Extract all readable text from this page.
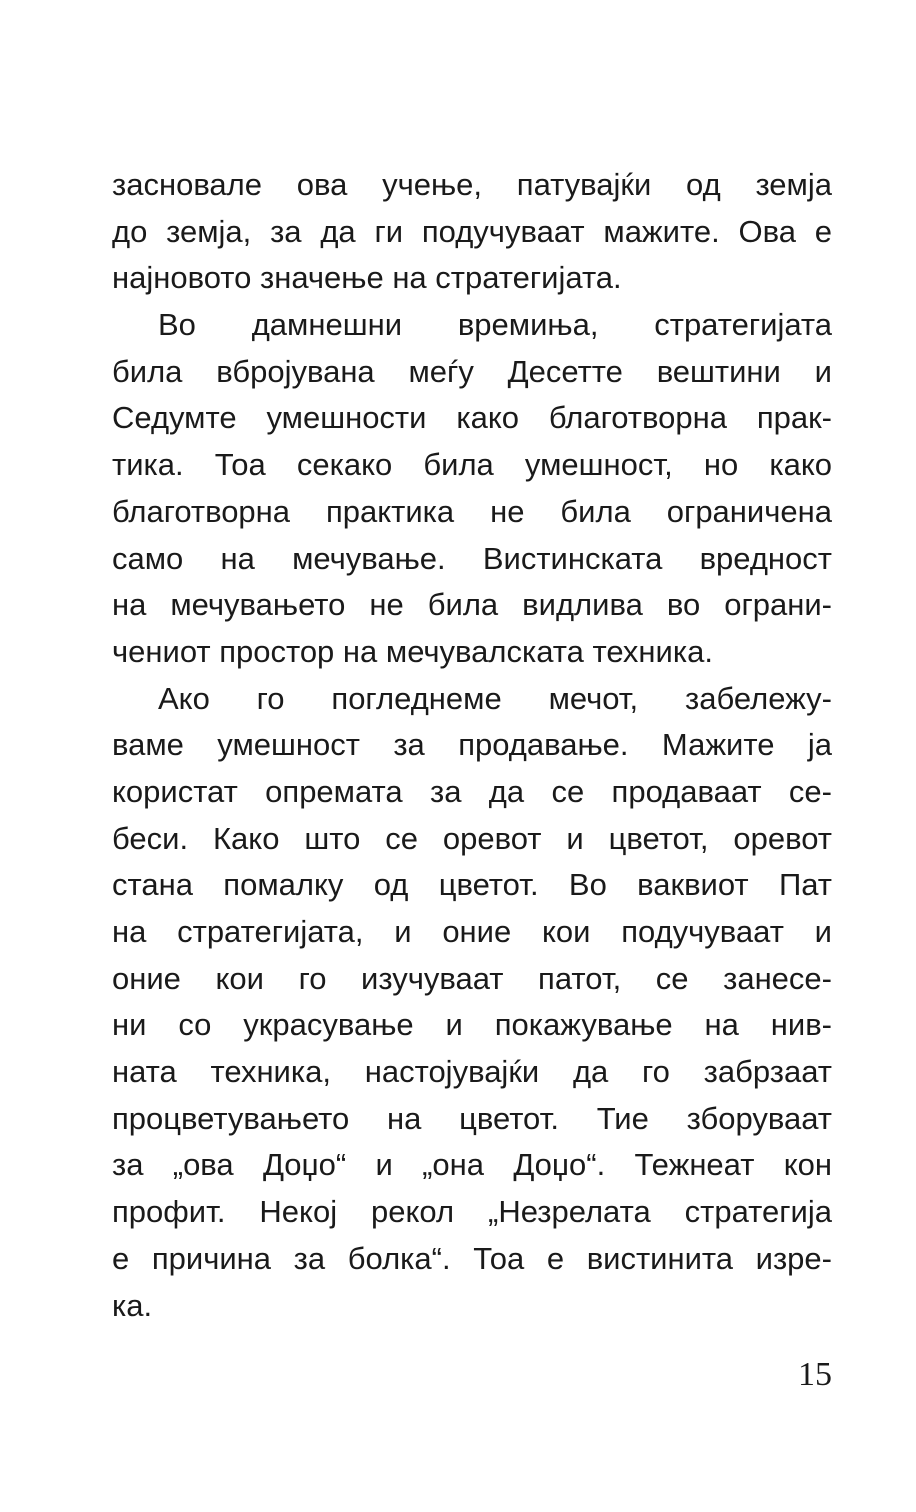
засновале ова учење, патувајќи од земја
до земја, за да ги подучуваат мажите. Ова е
најновото значење на стратегијата.
Во дамнешни времиња, стратегијата
била вбројувана меѓу Десетте вештини и
Седумте умешности како благотворна прак-
тика. Тоа секако била умешност, но како
благотворна практика не била ограничена
само на мечување. Вистинската вредност
на мечувањето не била видлива во ограни-
чениот простор на мечувалската техника.
Ако го погледнеме мечот, забележу-
ваме умешност за продавање. Мажите ја
користат опремата за да се продаваат се-
беси. Како што се оревот и цветот, оревот
стана помалку од цветот. Во ваквиот Пат
на стратегијата, и оние кои подучуваат и
оние кои го изучуваат патот, се занесе-
ни со украсување и покажување на нив-
ната техника, настојувајќи да го забрзаат
процветувањето на цветот. Тие зборуваат
за „ова Доџо“ и „она Доџо“. Тежнеат кон
профит. Некој рекол „Незрелата стратегија
е причина за болка“. Тоа е вистинита изре-
ка.
15
